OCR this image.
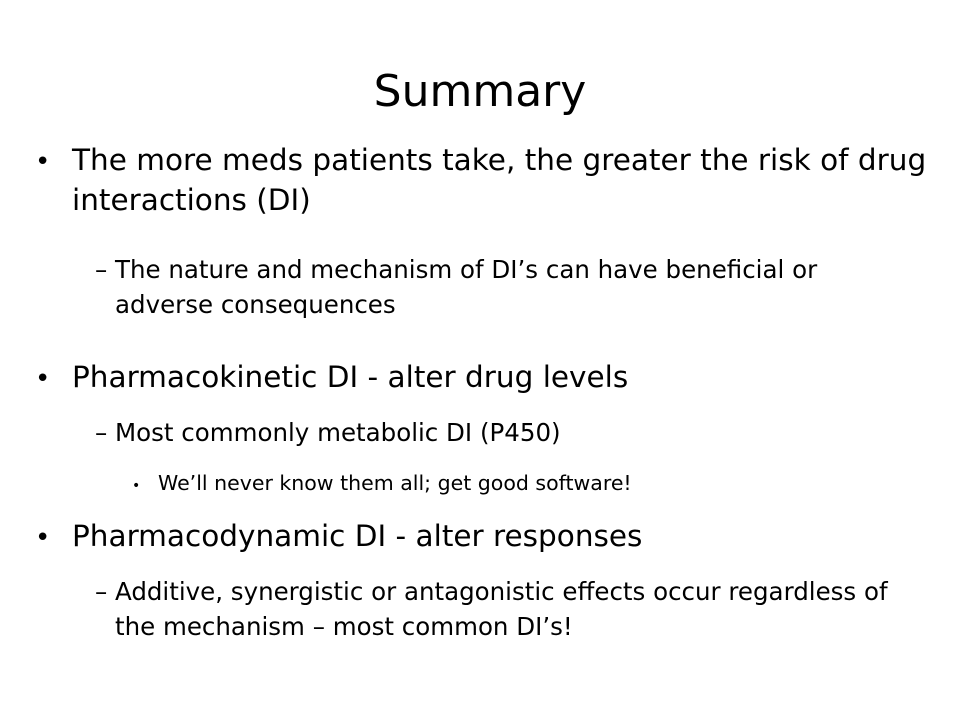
Summary
• The more meds patients take, the greater the risk of drug interactions (DI)
– The nature and mechanism of DI’s can have beneficial or adverse consequences
• Pharmacokinetic DI - alter drug levels
– Most commonly metabolic DI (P450)
• We’ll never know them all; get good software!
• Pharmacodynamic DI - alter responses
– Additive, synergistic or antagonistic effects occur regardless of the mechanism – most common DI’s!
